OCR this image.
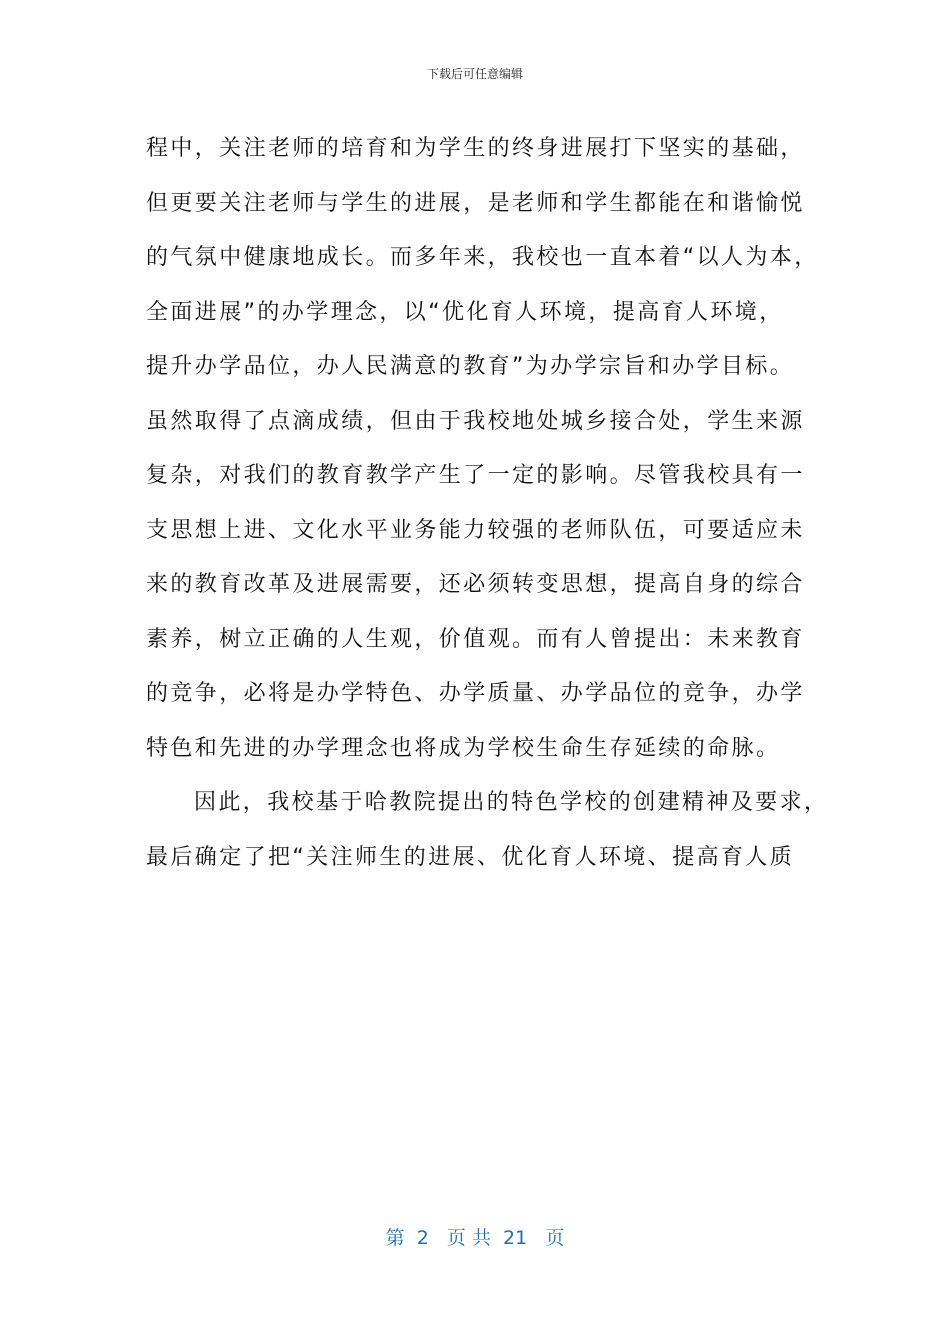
下载后可任意编辑
程中，关注老师的培育和为学生的终身进展打下坚实的基础，
但更要关注老师与学生的进展，是老师和学生都能在和谐愉悦
的气氛中健康地成长。而多年来，我校也一直本着“以人为本，
全面进展”的办学理念，以“优化育人环境，提高育人环境，
提升办学品位，办人民满意的教育”为办学宗旨和办学目标。
虽然取得了点滴成绩，但由于我校地处城乡接合处，学生来源
复杂，对我们的教育教学产生了一定的影响。尽管我校具有一
支思想上进、文化水平业务能力较强的老师队伍，可要适应未
来的教育改革及进展需要，还必须转变思想，提高自身的综合
素养，树立正确的人生观，价值观。而有人曾提出：未来教育
的竞争，必将是办学特色、办学质量、办学品位的竞争，办学
特色和先进的办学理念也将成为学校生命生存延续的命脉。
因此，我校基于哈教院提出的特色学校的创建精神及要求，
最后确定了把“关注师生的进展、优化育人环境、提高育人质
第  2   页 共  21   页
